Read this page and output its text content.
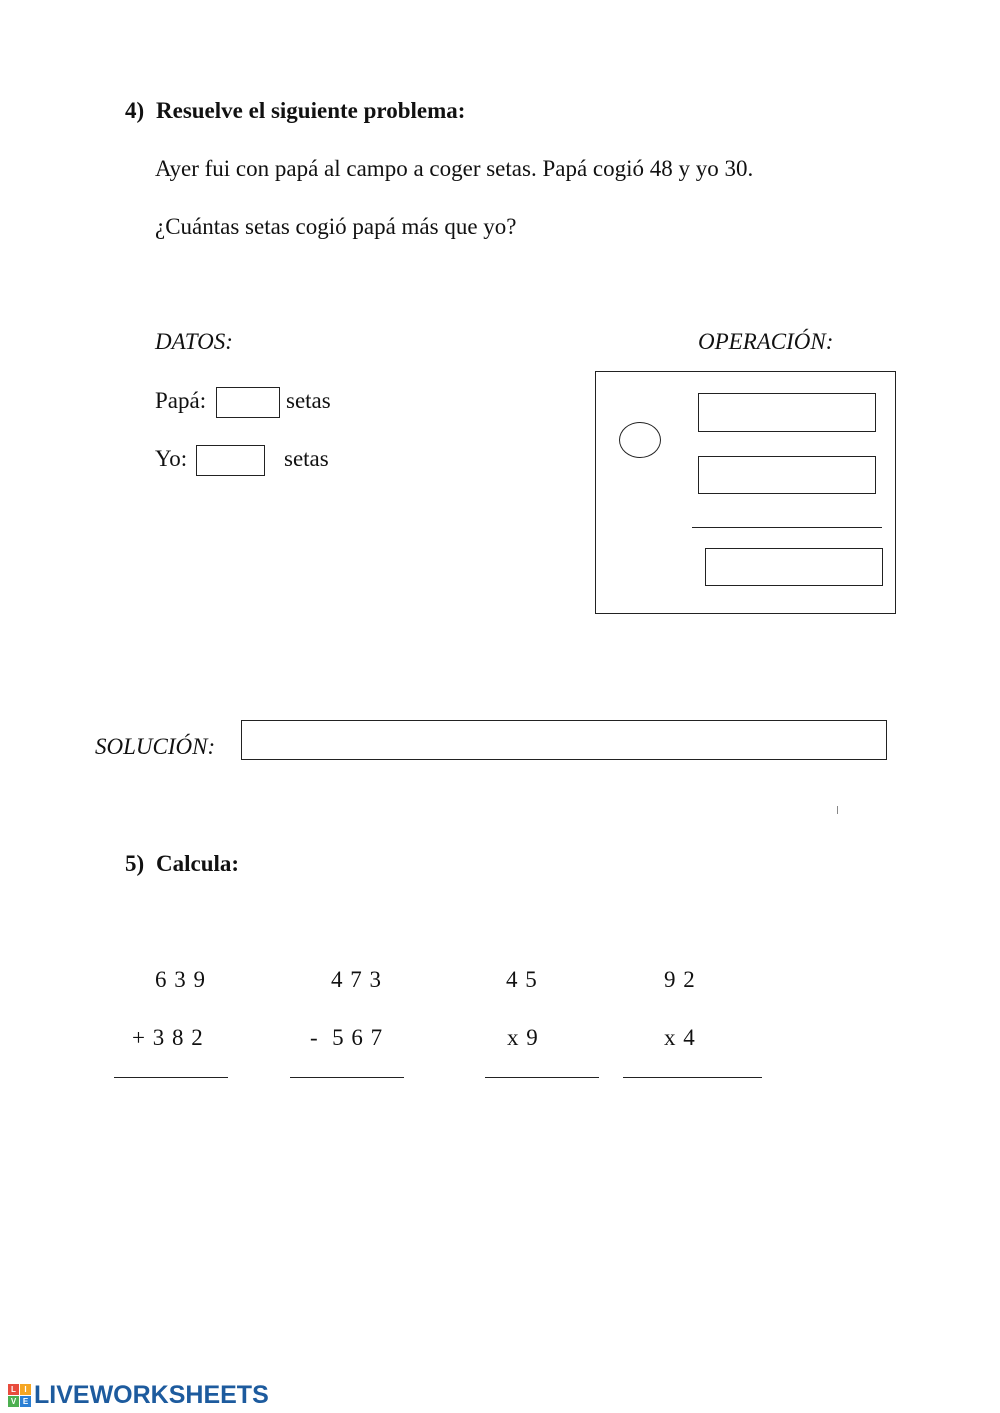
4) Resuelve el siguiente problema:
Ayer fui con papá al campo a coger setas. Papá cogió 48 y yo 30.
¿Cuántas setas cogió papá más que yo?
DATOS:	OPERACIÓN:
Papá:	setas
Yo:	setas
SOLUCIÓN:
5) Calcula:
6 3 9
+ 3 8 2
4 7 3
-  5 6 7
4 5
x 9
9 2
x 4
L	I
V E LIVEWORKSHEETS
